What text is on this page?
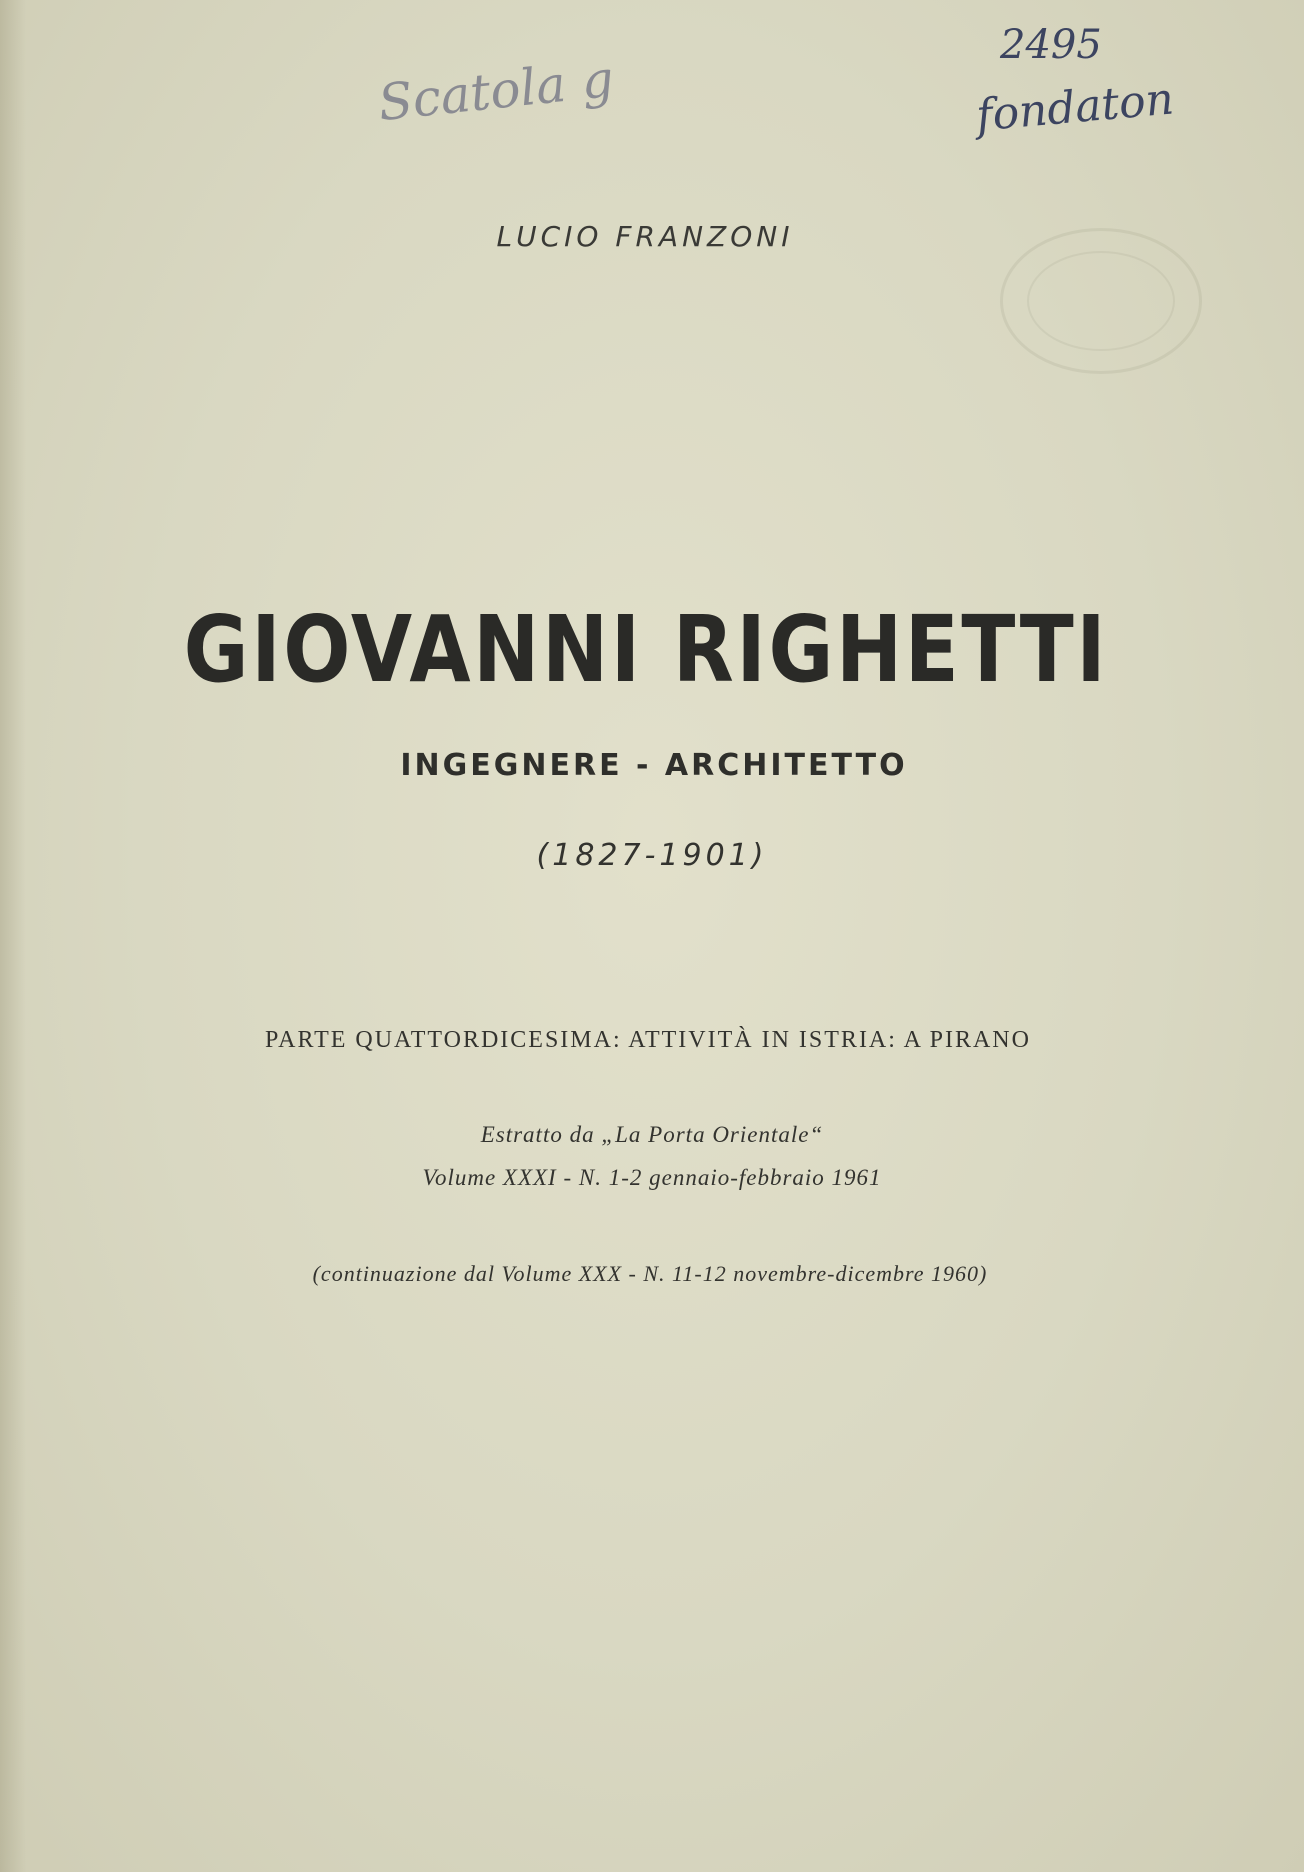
Scatola g

2495

fondaton

LUCIO FRANZONI

GIOVANNI RIGHETTI

INGEGNERE - ARCHITETTO

(1827-1901)

PARTE QUATTORDICESIMA: ATTIVITÀ IN ISTRIA: A PIRANO

Estratto da „La Porta Orientale“

Volume XXXI - N. 1-2 gennaio-febbraio 1961

(continuazione dal Volume XXX - N. 11-12 novembre-dicembre 1960)
